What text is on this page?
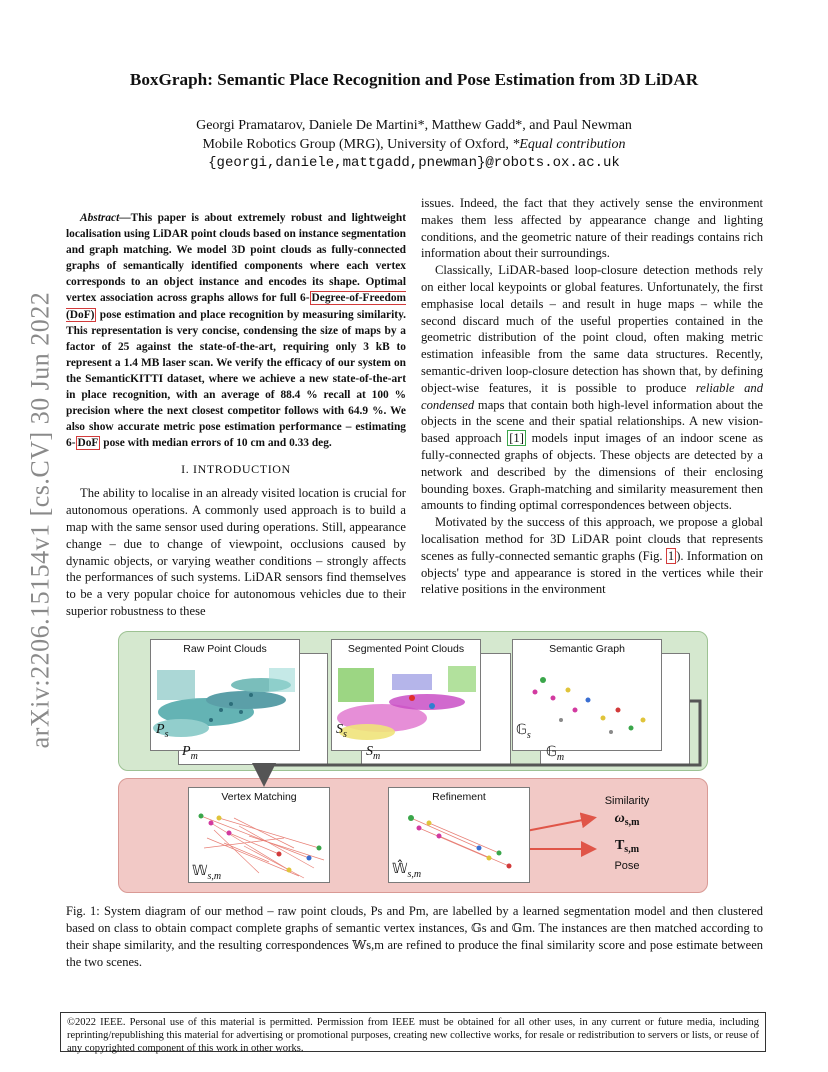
arXiv:2206.15154v1 [cs.CV] 30 Jun 2022
BoxGraph: Semantic Place Recognition and Pose Estimation from 3D LiDAR
Georgi Pramatarov, Daniele De Martini*, Matthew Gadd*, and Paul Newman
Mobile Robotics Group (MRG), University of Oxford, *Equal contribution
{georgi,daniele,mattgadd,pnewman}@robots.ox.ac.uk

Abstract—This paper is about extremely robust and lightweight localisation using LiDAR point clouds based on instance segmentation and graph matching. We model 3D point clouds as fully-connected graphs of semantically identified components where each vertex corresponds to an object instance and encodes its shape. Optimal vertex association across graphs allows for full 6- Degree-of-Freedom (DoF) pose estimation and place recognition by measuring similarity. This representation is very concise, condensing the size of maps by a factor of 25 against the state-of-the-art, requiring only 3 kB to represent a 1.4 MB laser scan. We verify the efficacy of our system on the SemanticKITTI dataset, where we achieve a new state-of-the-art in place recognition, with an average of 88.4 % recall at 100 % precision where the next closest competitor follows with 64.9 %. We also show accurate metric pose estimation performance – estimating 6- DoF pose with median errors of 10 cm and 0.33 deg.

I. INTRODUCTION

The ability to localise in an already visited location is crucial for autonomous operations. A commonly used approach is to build a map with the same sensor used during operations. Still, appearance change – due to change of viewpoint, occlusions caused by dynamic objects, or varying weather conditions – strongly affects the performances of such systems. LiDAR sensors find themselves to be a very popular choice for autonomous vehicles due to their superior robustness to these

issues. Indeed, the fact that they actively sense the environment makes them less affected by appearance change and lighting conditions, and the geometric nature of their readings contains rich information about their surroundings.

Classically, LiDAR-based loop-closure detection methods rely on either local keypoints or global features. Unfortunately, the first emphasise local details – and result in huge maps – while the second discard much of the useful properties contained in the geometric distribution of the point cloud, often making metric estimation infeasible from the same data structures. Recently, semantic-driven loop-closure detection has shown that, by defining object-wise features, it is possible to produce reliable and condensed maps that contain both high-level information about the objects in the scene and their spatial relationships. A new vision-based approach [1] models input images of an indoor scene as fully-connected graphs of objects. These objects are detected by a network and described by the dimensions of their enclosing bounding boxes. Graph-matching and similarity measurement then amounts to finding optimal correspondences between objects.

Motivated by the success of this approach, we propose a global localisation method for 3D LiDAR point clouds that represents scenes as fully-connected semantic graphs (Fig. 1 ). Information on objects' type and appearance is stored in the vertices while their relative positions in the environment

Raw Point Clouds	Segmented Point Clouds	Semantic Graph
Vertex Matching	Refinement
$P_s$
$P_m$
$S_s$
$S_m$
𝔾$_s$
𝔾$_m$
𝕎$_{s,m}$	$𝕎̂_{s,m}$
Similarity
$\omega_{s,m}$
$T_{s,m}$
Pose
Fig. 1: System diagram of our method – raw point clouds, Ps and Pm, are labelled by a learned segmentation model and then clustered based on class to obtain compact complete graphs of semantic vertex instances, 𝔾s and 𝔾m. The instances are then matched according to their shape similarity, and the resulting correspondences 𝕎s,m are refined to produce the final similarity score and pose estimate between the two scenes.
©2022 IEEE. Personal use of this material is permitted. Permission from IEEE must be obtained for all other uses, in any current or future media, including reprinting/republishing this material for advertising or promotional purposes, creating new collective works, for resale or redistribution to servers or lists, or reuse of any copyrighted component of this work in other works.
